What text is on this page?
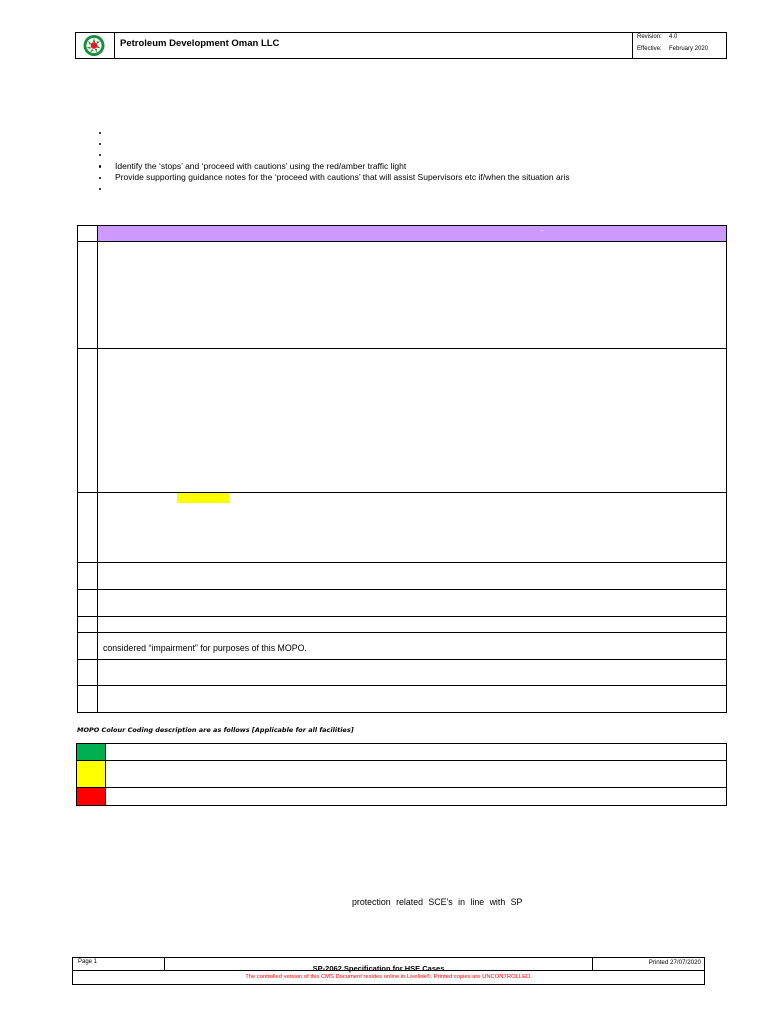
Petroleum Development Oman LLC
Revision: 4.0
Effective: February 2020
Identify the ‘stops’ and ‘proceed with cautions’ using the red/amber traffic light
Provide supporting guidance notes for the ‘proceed with cautions’ that will assist Supervisors etc if/when the situation aris
–
considered “impairment” for purposes of this MOPO.
MOPO Colour Coding description are as follows [Applicable for all facilities]
protection related SCE’s in line with SP
Page 1
SP-2062 Specification for HSE Cases
Printed 27/07/2020
The controlled version of this CMS Document resides online in Livelink®. Printed copies are UNCONTROLLED.
